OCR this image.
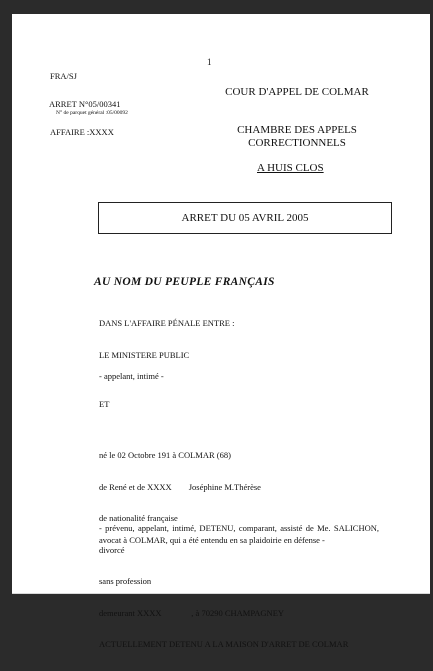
1
FRA/SJ
ARRET N°05/00341
N° de parquet général :05/00092
AFFAIRE :XXXX
COUR D'APPEL DE COLMAR
CHAMBRE DES APPELS CORRECTIONNELS
A HUIS CLOS
ARRET DU 05 AVRIL 2005
AU NOM DU PEUPLE FRANÇAIS
DANS L'AFFAIRE PÉNALE ENTRE :
LE MINISTERE PUBLIC
- appelant, intimé -
ET

né le 02 Octobre 191 à COLMAR (68)

de René et de XXXX        Joséphine M.Thérèse

de nationalité française

divorcé

sans profession

demeurant XXXX              , à 70290 CHAMPAGNEY

ACTUELLEMENT DETENU A LA MAISON D'ARRET DE COLMAR

- prévenu, appelant, intimé, DETENU, comparant, assisté de Me. SALICHON, avocat à COLMAR, qui a été entendu en sa plaidoirie en défense -
